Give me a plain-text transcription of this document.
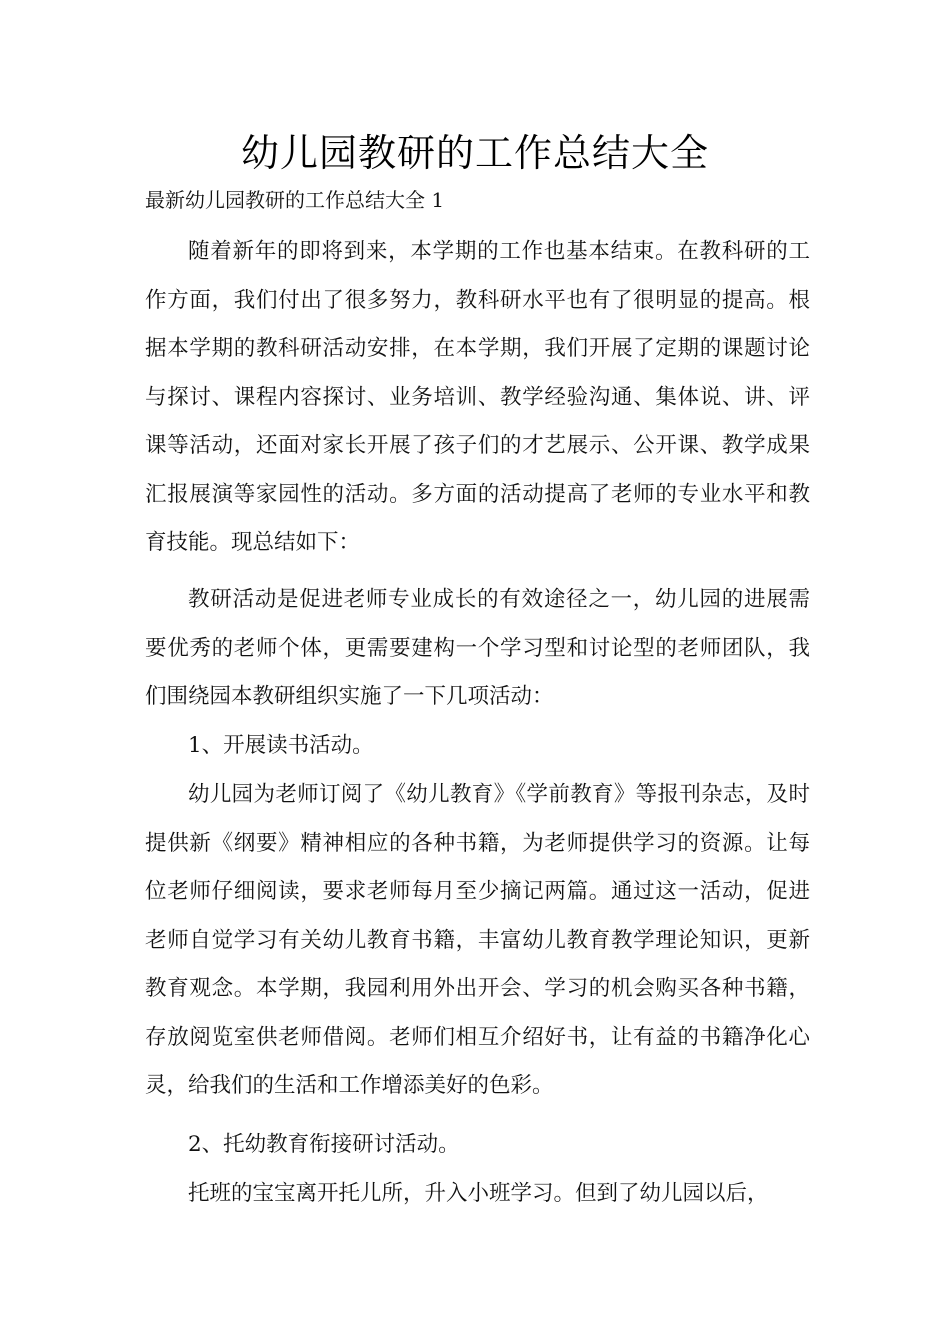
幼儿园教研的工作总结大全

最新幼儿园教研的工作总结大全 1

随着新年的即将到来，本学期的工作也基本结束。在教科研的工作方面，我们付出了很多努力，教科研水平也有了很明显的提高。根据本学期的教科研活动安排，在本学期，我们开展了定期的课题讨论与探讨、课程内容探讨、业务培训、教学经验沟通、集体说、讲、评课等活动，还面对家长开展了孩子们的才艺展示、公开课、教学成果汇报展演等家园性的活动。多方面的活动提高了老师的专业水平和教育技能。现总结如下：

教研活动是促进老师专业成长的有效途径之一，幼儿园的进展需要优秀的老师个体，更需要建构一个学习型和讨论型的老师团队，我们围绕园本教研组织实施了一下几项活动：

1、开展读书活动。

幼儿园为老师订阅了《幼儿教育》《学前教育》等报刊杂志，及时提供新《纲要》精神相应的各种书籍，为老师提供学习的资源。让每位老师仔细阅读，要求老师每月至少摘记两篇。通过这一活动，促进老师自觉学习有关幼儿教育书籍，丰富幼儿教育教学理论知识，更新教育观念。本学期，我园利用外出开会、学习的机会购买各种书籍，存放阅览室供老师借阅。老师们相互介绍好书，让有益的书籍净化心灵，给我们的生活和工作增添美好的色彩。

2、托幼教育衔接研讨活动。

托班的宝宝离开托儿所，升入小班学习。但到了幼儿园以后，
